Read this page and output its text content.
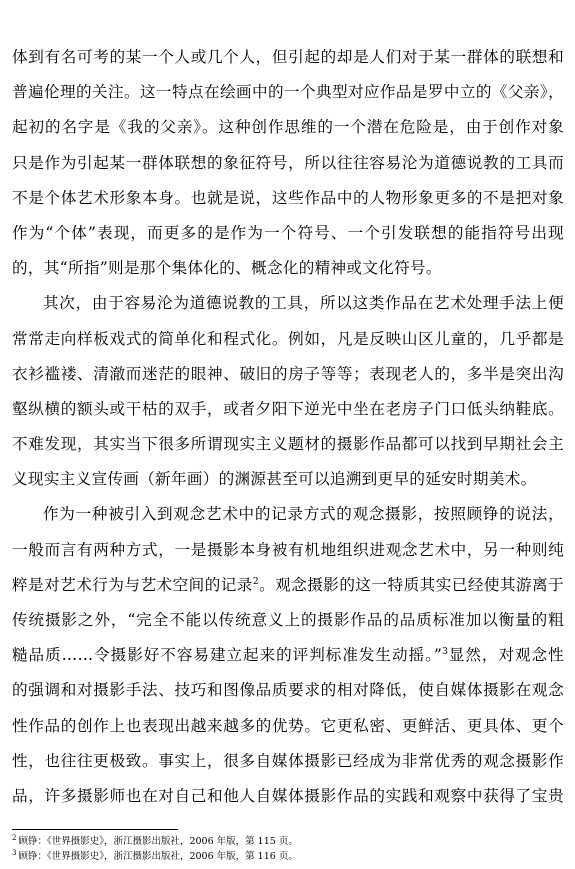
体到有名可考的某一个人或几个人，但引起的却是人们对于某一群体的联想和
普遍伦理的关注。这一特点在绘画中的一个典型对应作品是罗中立的《父亲》，
起初的名字是《我的父亲》。这种创作思维的一个潜在危险是，由于创作对象
只是作为引起某一群体联想的象征符号，所以往往容易沦为道德说教的工具而
不是个体艺术形象本身。也就是说，这些作品中的人物形象更多的不是把对象
作为“个体”表现，而更多的是作为一个符号、一个引发联想的能指符号出现
的，其“所指”则是那个集体化的、概念化的精神或文化符号。
其次，由于容易沦为道德说教的工具，所以这类作品在艺术处理手法上便
常常走向样板戏式的简单化和程式化。例如，凡是反映山区儿童的，几乎都是
衣衫褴褛、清澈而迷茫的眼神、破旧的房子等等；表现老人的，多半是突出沟
壑纵横的额头或干枯的双手，或者夕阳下逆光中坐在老房子门口低头纳鞋底。
不难发现，其实当下很多所谓现实主义题材的摄影作品都可以找到早期社会主
义现实主义宣传画（新年画）的渊源甚至可以追溯到更早的延安时期美术。
作为一种被引入到观念艺术中的记录方式的观念摄影，按照顾铮的说法，
一般而言有两种方式，一是摄影本身被有机地组织进观念艺术中，另一种则纯
粹是对艺术行为与艺术空间的记录$^2$。观念摄影的这一特质其实已经使其游离于
传统摄影之外，“完全不能以传统意义上的摄影作品的品质标准加以衡量的粗
糙品质……令摄影好不容易建立起来的评判标准发生动摇。”$^3$显然，对观念性
的强调和对摄影手法、技巧和图像品质要求的相对降低，使自媒体摄影在观念
性作品的创作上也表现出越来越多的优势。它更私密、更鲜活、更具体、更个
性，也往往更极致。事实上，很多自媒体摄影已经成为非常优秀的观念摄影作
品，许多摄影师也在对自己和他人自媒体摄影作品的实践和观察中获得了宝贵
$^2$ 顾铮：《世界摄影史》，浙江摄影出版社，2006 年版，第 115 页。
$^3$ 顾铮：《世界摄影史》，浙江摄影出版社，2006 年版，第 116 页。
